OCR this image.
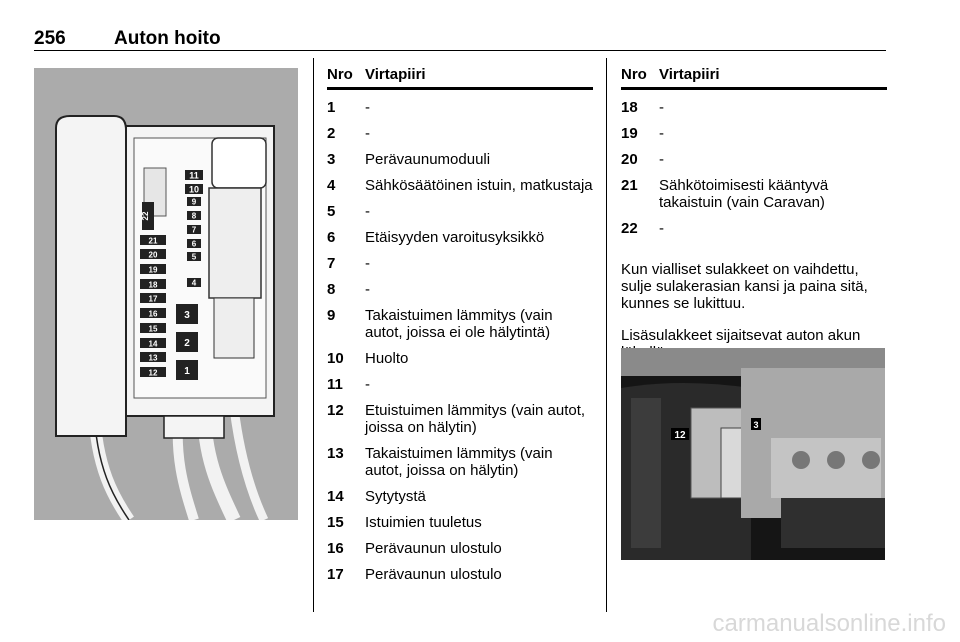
256	Auton hoito
11
10
9
8
7
6
5
4
3
2
1
22
21
20
19
18
17
16
15
14
13
12
Nro Virtapiiri
1	-
2	-
3	Perävaunumoduuli
4	Sähkösäätöinen istuin, matkustaja
5	-
6	Etäisyyden varoitusyksikkö
7	-
8	-
9	Takaistuimen lämmitys (vain autot, joissa ei ole hälytintä)
10	Huolto
11	-
12	Etuistuimen lämmitys (vain autot, joissa on hälytin)
13	Takaistuimen lämmitys (vain autot, joissa on hälytin)
14	Sytytystä
15	Istuimien tuuletus
16	Perävaunun ulostulo
17	Perävaunun ulostulo
Nro Virtapiiri
18	-
19	-
20	-
21	Sähkötoimisesti kääntyvä takaistuin (vain Caravan)
22	-

Kun vialliset sulakkeet on vaihdettu, sulje sulakerasian kansi ja paina sitä, kunnes se lukittuu.

Lisäsulakkeet sijaitsevat auton akun

12
3
carmanualsonline.info
